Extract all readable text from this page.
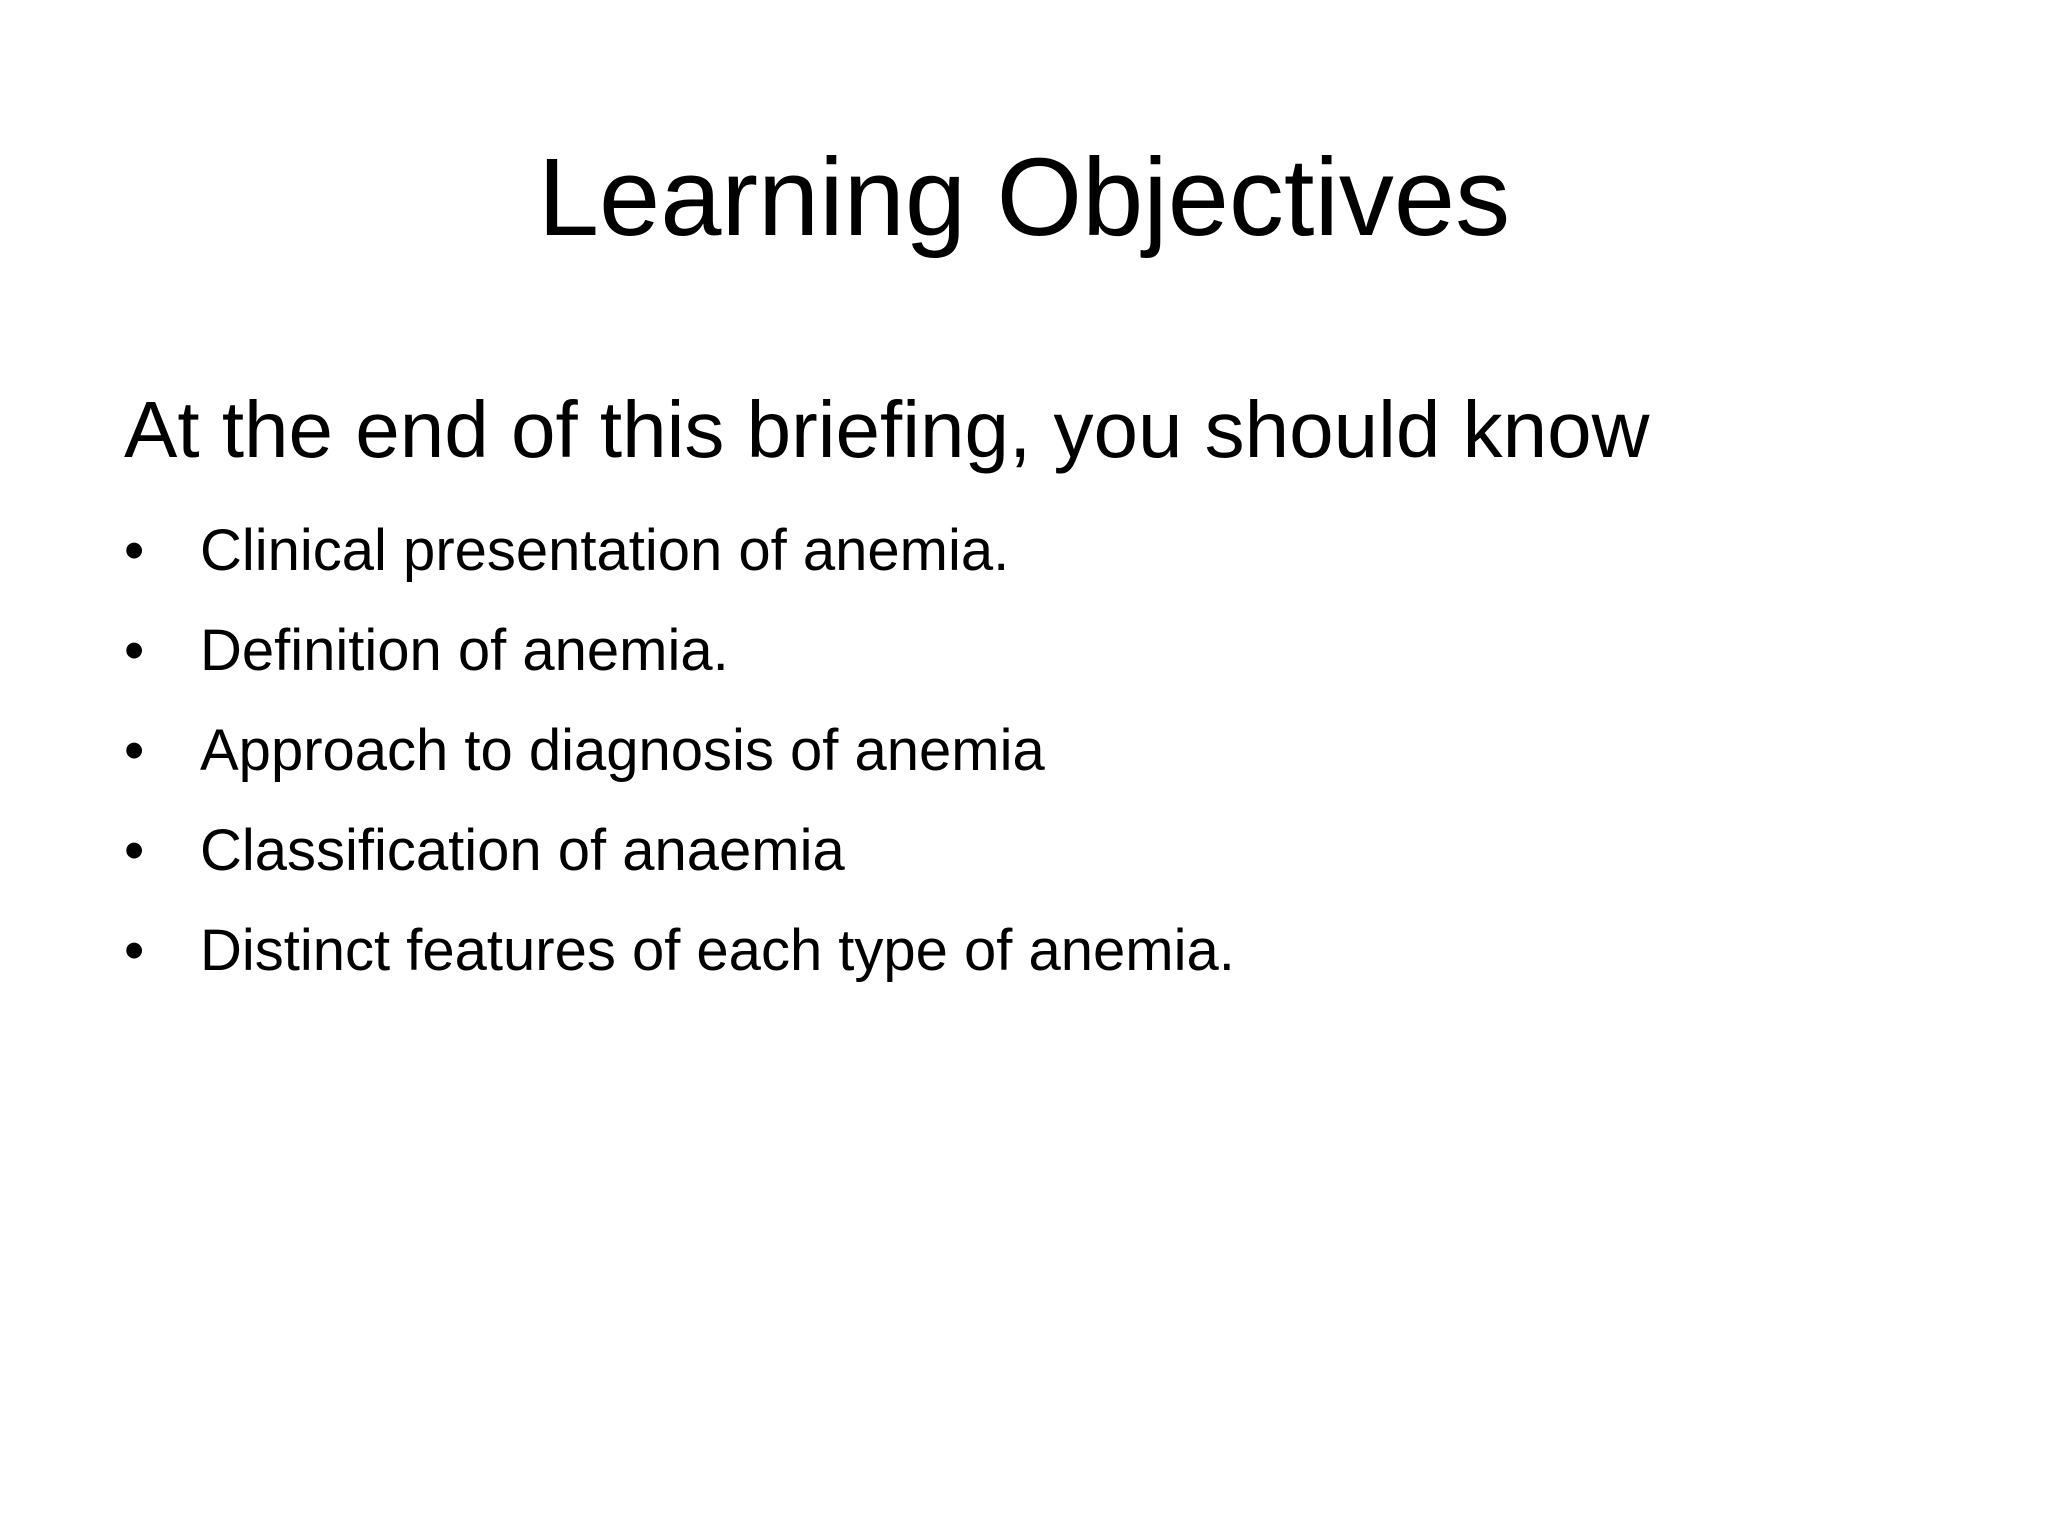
Learning Objectives

At the end of this briefing, you should know

• Clinical presentation of anemia.
• Definition of anemia.
• Approach to diagnosis of anemia
• Classification of anaemia
• Distinct features of each type of anemia.
